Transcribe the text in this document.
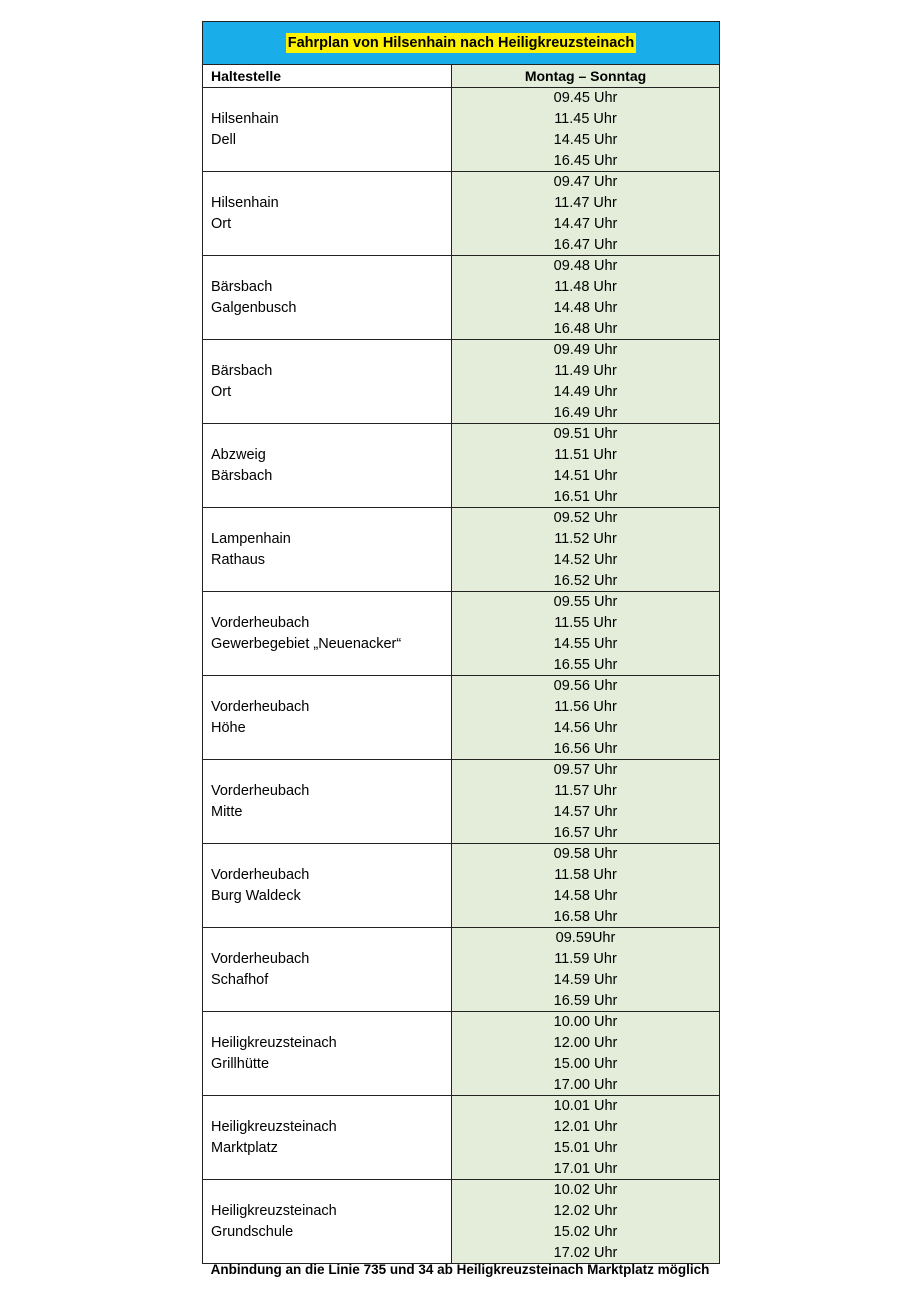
Fahrplan von Hilsenhain nach Heiligkreuzsteinach
Haltestelle	Montag – Sonntag
Hilsenhain
Dell
09.45 Uhr
11.45 Uhr
14.45 Uhr
16.45 Uhr
Hilsenhain
Ort
09.47 Uhr
11.47 Uhr
14.47 Uhr
16.47 Uhr
Bärsbach
Galgenbusch
09.48 Uhr
11.48 Uhr
14.48 Uhr
16.48 Uhr
Bärsbach
Ort
09.49 Uhr
11.49 Uhr
14.49 Uhr
16.49 Uhr
Abzweig
Bärsbach
09.51 Uhr
11.51 Uhr
14.51 Uhr
16.51 Uhr
Lampenhain
Rathaus
09.52 Uhr
11.52 Uhr
14.52 Uhr
16.52 Uhr
Vorderheubach
Gewerbegebiet „Neuenacker“
09.55 Uhr
11.55 Uhr
14.55 Uhr
16.55 Uhr
Vorderheubach
Höhe
09.56 Uhr
11.56 Uhr
14.56 Uhr
16.56 Uhr
Vorderheubach
Mitte
09.57 Uhr
11.57 Uhr
14.57 Uhr
16.57 Uhr
Vorderheubach
Burg Waldeck
09.58 Uhr
11.58 Uhr
14.58 Uhr
16.58 Uhr
Vorderheubach
Schafhof
09.59Uhr
11.59 Uhr
14.59 Uhr
16.59 Uhr
Heiligkreuzsteinach
Grillhütte
10.00 Uhr
12.00 Uhr
15.00 Uhr
17.00 Uhr
Heiligkreuzsteinach
Marktplatz
10.01 Uhr
12.01 Uhr
15.01 Uhr
17.01 Uhr
Heiligkreuzsteinach
Grundschule
10.02 Uhr
12.02 Uhr
15.02 Uhr
17.02 Uhr
Anbindung an die Linie 735 und 34 ab Heiligkreuzsteinach Marktplatz möglich
